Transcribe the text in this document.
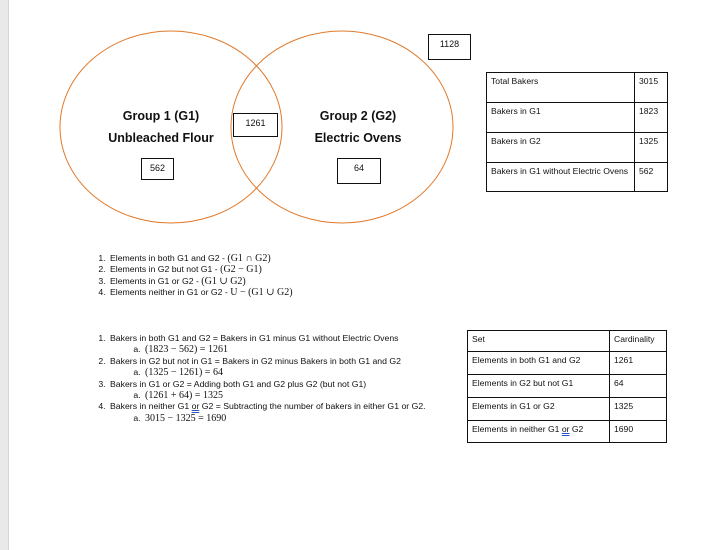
Group 1 (G1)
Unbleached Flour
Group 2 (G2)
Electric Ovens
1261
562	64
1128
Total Bakers	3015
Bakers in G1	1823
Bakers in G2	1325
Bakers in G1 without Electric Ovens	562
1. Elements in both G1 and G2 - (G1 ∩ G2)
2. Elements in G2 but not G1 - (G2 − G1)
3. Elements in G1 or G2 - (G1 ∪ G2)
4. Elements neither in G1 or G2 - U − (G1 ∪ G2)
1. Bakers in both G1 and G2 = Bakers in G1 minus G1 without Electric Ovens
a. (1823 − 562) = 1261
2. Bakers in G2 but not in G1 = Bakers in G2 minus Bakers in both G1 and G2
a. (1325 − 1261) = 64
3. Bakers in G1 or G2 = Adding both G1 and G2 plus G2 (but not G1)
a. (1261 + 64) = 1325
4. Bakers in neither G1 or G2 = Subtracting the number of bakers in either G1 or G2.
a. 3015 − 1325 = 1690
Set	Cardinality
Elements in both G1 and G2	1261
Elements in G2 but not G1	64
Elements in G1 or G2	1325
Elements in neither G1 or G2	1690
